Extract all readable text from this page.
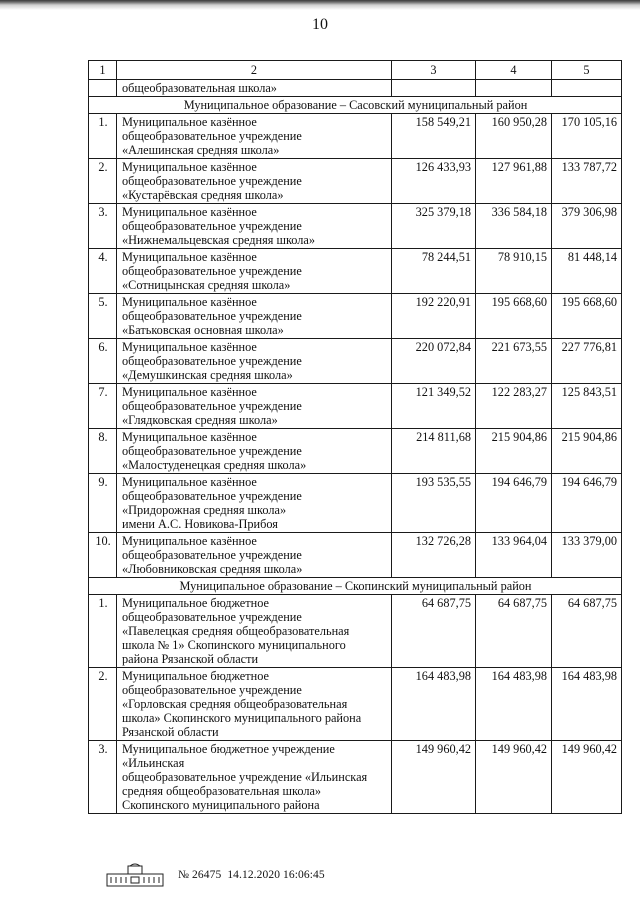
10
1	2	3	4	5
	общеобразовательная школа»			
Муниципальное образование – Сасовский муниципальный район				
1.	Муниципальное казённое
общеобразовательное учреждение
«Алешинская средняя школа»	158 549,21	160 950,28	170 105,16
2.	Муниципальное казённое
общеобразовательное учреждение
«Кустарёвская средняя школа»	126 433,93	127 961,88	133 787,72
3.	Муниципальное казённое
общеобразовательное учреждение
«Нижнемальцевская средняя школа»	325 379,18	336 584,18	379 306,98
4.	Муниципальное казённое
общеобразовательное учреждение
«Сотницынская средняя школа»	78 244,51	78 910,15	81 448,14
5.	Муниципальное казённое
общеобразовательное учреждение
«Батьковская основная школа»	192 220,91	195 668,60	195 668,60
6.	Муниципальное казённое
общеобразовательное учреждение
«Демушкинская средняя школа»	220 072,84	221 673,55	227 776,81
7.	Муниципальное казённое
общеобразовательное учреждение
«Глядковская средняя школа»	121 349,52	122 283,27	125 843,51
8.	Муниципальное казённое
общеобразовательное учреждение
«Малостуденецкая средняя школа»	214 811,68	215 904,86	215 904,86
9.	Муниципальное казённое
общеобразовательное учреждение
«Придорожная средняя школа»
имени А.С. Новикова-Прибоя	193 535,55	194 646,79	194 646,79
10.	Муниципальное казённое
общеобразовательное учреждение
«Любовниковская средняя школа»	132 726,28	133 964,04	133 379,00
Муниципальное образование – Скопинский муниципальный район				
1.	Муниципальное бюджетное
общеобразовательное учреждение
«Павелецкая средняя общеобразовательная
школа № 1» Скопинского муниципального
района Рязанской области	64 687,75	64 687,75	64 687,75
2.	Муниципальное бюджетное
общеобразовательное учреждение
«Горловская средняя общеобразовательная
школа» Скопинского муниципального района
Рязанской области	164 483,98	164 483,98	164 483,98
3.	Муниципальное бюджетное учреждение «Ильинская
общеобразовательное учреждение «Ильинская
средняя общеобразовательная школа»
Скопинского муниципального района	149 960,42	149 960,42	149 960,42
№ 26475 14.12.2020 16:06:45
